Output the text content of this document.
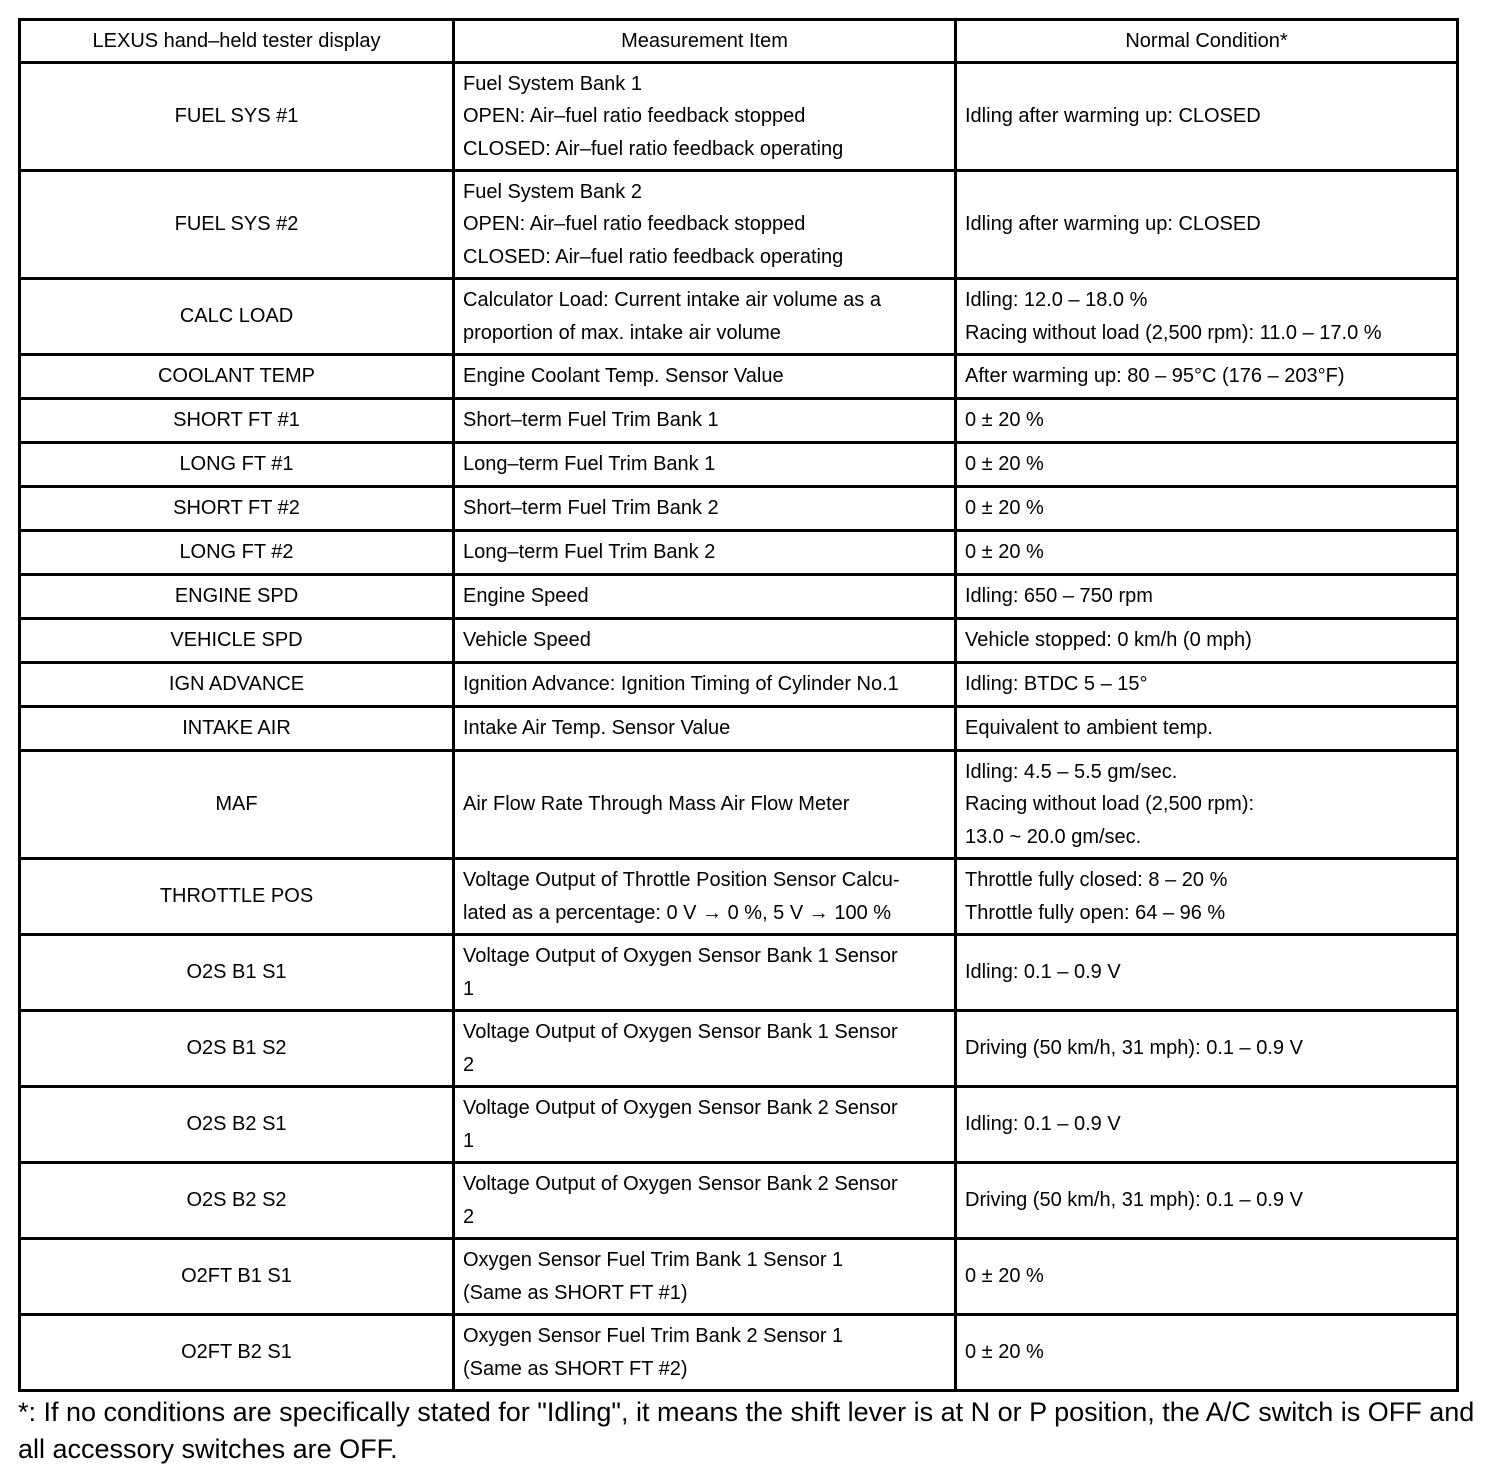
LEXUS hand–held tester display	Measurement Item	Normal Condition*
FUEL SYS #1	Fuel System Bank 1
OPEN: Air–fuel ratio feedback stopped
CLOSED: Air–fuel ratio feedback operating	Idling after warming up: CLOSED

FUEL SYS #2	Fuel System Bank 2
OPEN: Air–fuel ratio feedback stopped
CLOSED: Air–fuel ratio feedback operating	Idling after warming up: CLOSED

CALC LOAD	Calculator Load: Current intake air volume as a
proportion of max. intake air volume	Idling: 12.0 – 18.0 %
Racing without load (2,500 rpm): 11.0 – 17.0 %

COOLANT TEMP	Engine Coolant Temp. Sensor Value	After warming up: 80 – 95°C (176 – 203°F)

SHORT FT #1	Short–term Fuel Trim Bank 1	0 ± 20 %

LONG FT #1	Long–term Fuel Trim Bank 1	0 ± 20 %

SHORT FT #2	Short–term Fuel Trim Bank 2	0 ± 20 %

LONG FT #2	Long–term Fuel Trim Bank 2	0 ± 20 %

ENGINE SPD	Engine Speed	Idling: 650 – 750 rpm

VEHICLE SPD	Vehicle Speed	Vehicle stopped: 0 km/h (0 mph)

IGN ADVANCE	Ignition Advance: Ignition Timing of Cylinder No.1	Idling: BTDC 5 – 15°

INTAKE AIR	Intake Air Temp. Sensor Value	Equivalent to ambient temp.

MAF	Air Flow Rate Through Mass Air Flow Meter	Idling: 4.5 – 5.5 gm/sec.
Racing without load (2,500 rpm):
13.0 ~ 20.0 gm/sec.

THROTTLE POS	Voltage Output of Throttle Position Sensor Calcu-
lated as a percentage: 0 V → 0 %, 5 V → 100 %	Throttle fully closed: 8 – 20 %
Throttle fully open: 64 – 96 %

O2S B1 S1	Voltage Output of Oxygen Sensor Bank 1 Sensor
1	Idling: 0.1 – 0.9 V

O2S B1 S2	Voltage Output of Oxygen Sensor Bank 1 Sensor
2	Driving (50 km/h, 31 mph): 0.1 – 0.9 V

O2S B2 S1	Voltage Output of Oxygen Sensor Bank 2 Sensor
1	Idling: 0.1 – 0.9 V

O2S B2 S2	Voltage Output of Oxygen Sensor Bank 2 Sensor
2	Driving (50 km/h, 31 mph): 0.1 – 0.9 V

O2FT B1 S1	Oxygen Sensor Fuel Trim Bank 1 Sensor 1
(Same as SHORT FT #1)	0 ± 20 %

O2FT B2 S1	Oxygen Sensor Fuel Trim Bank 2 Sensor 1
(Same as SHORT FT #2)	0 ± 20 %
*: If no conditions are specifically stated for "Idling", it means the shift lever is at N or P position, the A/C switch is OFF and all accessory switches are OFF.
